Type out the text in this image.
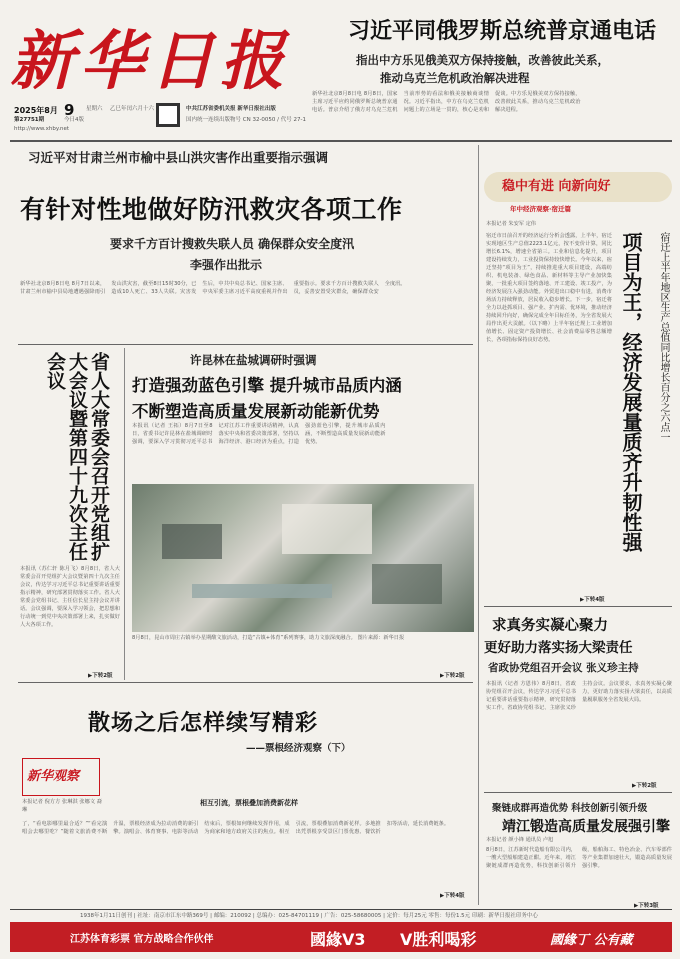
新华日报
2025年8月 9 星期六	乙巳年闰六月十六
第27751期	今日4版
http://www.xhby.net
中共江苏省委机关报 新华日报社出版
国内统一连续出版物号 CN 32-0050 / 代号 27-1
习近平同俄罗斯总统普京通电话
指出中方乐见俄美双方保持接触，改善彼此关系，
推动乌克兰危机政治解决进程
新华社北京8月8日电 8月8日，国家主席习近平应约同俄罗斯总统普京通电话。普京介绍了俄方对乌克兰危机当前形势的看法和俄美接触商谈情况。习近平指出，中方在乌克兰危机问题上的立场是一贯的，核心是劝和促谈。中方乐见俄美双方保持接触，改善彼此关系，推动乌克兰危机政治解决进程。
习近平对甘肃兰州市榆中县山洪灾害作出重要指示强调
有针对性地做好防汛救灾各项工作
要求千方百计搜救失联人员 确保群众安全度汛
李强作出批示
新华社北京8月8日电 8月7日以来，甘肃兰州市榆中县局地遭遇强降雨引发山洪灾害，截至8日15时30分，已造成10人死亡、33人失联。灾害发生后，中共中央总书记、国家主席、中央军委主席习近平高度重视并作出重要指示。要求千方百计搜救失联人员，妥善安置受灾群众，确保群众安全度汛。
省人大常委会召开党组扩大会议暨第四十九次主任会议
本报讯（苏仁轩 陈月飞）8月8日，省人大常委会召开党组扩大会议暨第四十九次主任会议，传达学习习近平总书记重要讲话重要指示精神，研究部署贯彻落实工作。省人大常委会党组书记、主任信长星主持会议并讲话。会议强调，要深入学习领会，把思想和行动统一到党中央决策部署上来，扎实做好人大各项工作。
▶下转2版
许昆林在盐城调研时强调
打造强劲蓝色引擎 提升城市品质内涵
不断塑造高质量发展新动能新优势
本报讯（记者 王拓）8月7日至8日，省委书记许昆林在盐城调研时强调，要深入学习贯彻习近平总书记对江苏工作重要讲话精神，认真落实中央和省委决策部署，坚持以海洋经济、港口经济为重点，打造强劲蓝色引擎，提升城市品质内涵，不断塑造高质量发展新动能新优势。
8月8日，昆山市周庄古镇举办星期酸文旅活动，打造“古镇+体育”系列赛事，助力文旅深度融合。 图片来源：新华日报
▶下转2版
散场之后怎样续写精彩
——票根经济观察（下）
新华观察
本报记者 倪方方 张琳淇 张娜文 裔琳
了，“看电影哪里最合适？”“看完演唱会去哪里吃？”随着文旅消费不断升温，票根经济成为拉动消费的新引擎。演唱会、体育赛事、电影等活动结束后，票根如何继续发挥作用，成为商家和地方政府关注的焦点。相互引流，票根叠加消费新花样。多地推出凭票根享受景区门票优惠、餐饮折扣等活动，延长消费链条。
相互引流，票根叠加消费新花样
▶下转4版
稳中有进 向新向好
年中经济观察·宿迁篇
本报记者 朱安军 定伟
宿迁市日前召开的经济运行分析会透露，上半年，宿迁实现地区生产总值2223.1亿元，按不变价计算，同比增长6.1%，增速全省第三。工业和信息化提升，项目建设持续发力，工业投资保持较快增长。今年以来，宿迁坚持“项目为王”，持续推进重大项目建设，高端纺织、机电装备、绿色食品、新材料等主导产业加快集聚，一批重大项目签约落地、开工建设、竣工投产，为经济发展注入强劲动能。外贸进出口稳中有进，消费市场活力持续释放，居民收入稳步增长。下一步，宿迁将全力以赴抓项目、强产业、扩内需、优环境，推动经济持续回升向好，确保完成全年目标任务，为全省发展大局作出更大贡献。（以下略）上半年宿迁规上工业增加值增长、固定资产投资增长、社会消费品零售总额增长，各项指标保持良好态势。	项目为王，经济发展量质齐升韧性强	宿迁上半年地区生产总值同比增长百分之六点一
▶下转4版
求真务实凝心聚力
更好助力落实扬大梁责任
省政协党组召开会议 张义珍主持
本报讯（记者 方恩伟）8月8日，省政协党组召开会议，传达学习习近平总书记重要讲话重要指示精神，研究贯彻落实工作。省政协党组书记、主席张义珍主持会议。会议要求，求真务实凝心聚力，更好助力落实扬大梁责任，以高质量履职服务全省发展大局。
▶下转2版
聚链成群再造优势 科技创新引领升级
靖江锻造高质量发展强引擎
本报记者 颜小锋 通讯员 卢旭
8月8日，江苏新时代造船有限公司内，一艘大型船舶建造正酣。近年来，靖江聚链成群再造优势，科技创新引领升级，船舶海工、特色冶金、汽车零部件等产业集群加速壮大，锻造高质量发展强引擎。
▶下转3版
1938年1月11日创刊 | 社址：南京市江东中路369号 | 邮编：210092 | 总编办：025-84701119 | 广告：025-58680005 | 定价：每月25元 零售：每份1.5元 印刷：新华日报社印务中心
江苏体育彩票 官方战略合作伙伴	國緣V3 V胜利喝彩	國緣丁 公有藏
